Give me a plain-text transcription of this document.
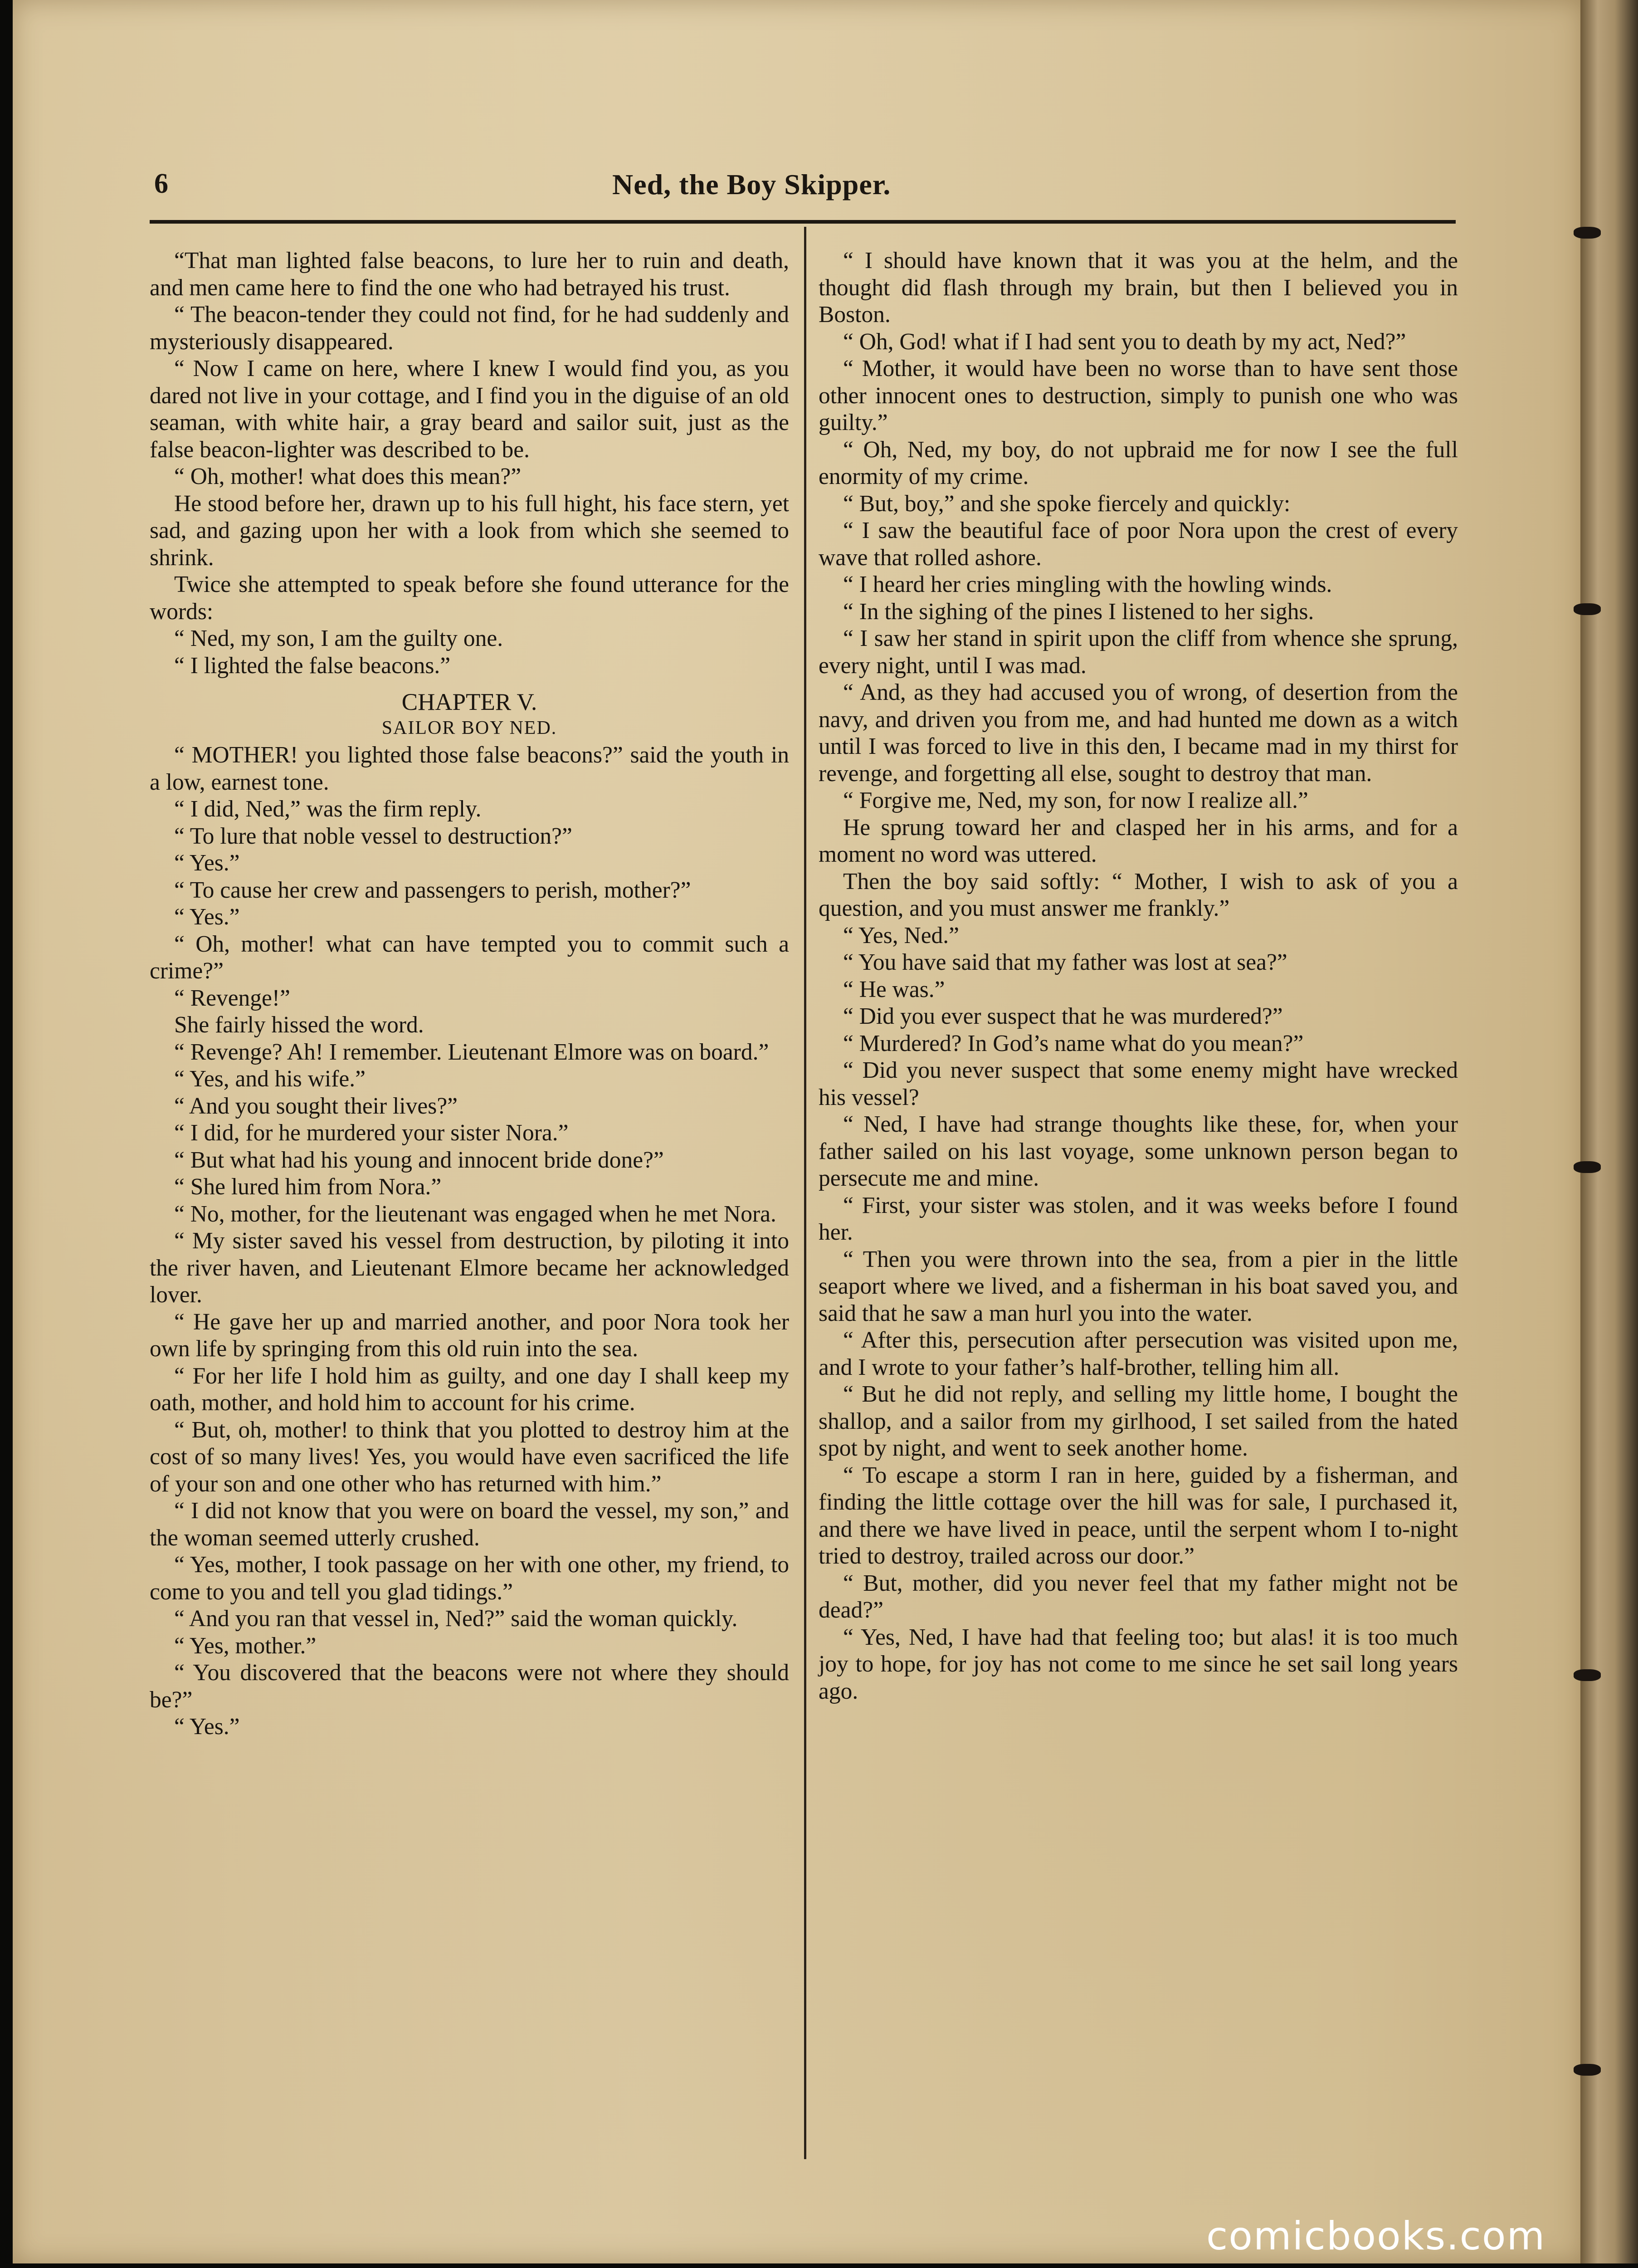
6	Ned, the Boy Skipper.

“That man lighted false beacons, to lure her to ruin and death, and men came here to find the one who had betrayed his trust.

“ The beacon-tender they could not find, for he had suddenly and mysteriously disappeared.

“ Now I came on here, where I knew I would find you, as you dared not live in your cottage, and I find you in the diguise of an old seaman, with white hair, a gray beard and sailor suit, just as the false beacon-lighter was described to be.

“ Oh, mother! what does this mean?”

He stood before her, drawn up to his full hight, his face stern, yet sad, and gazing upon her with a look from which she seemed to shrink.

Twice she attempted to speak before she found utterance for the words:

“ Ned, my son, I am the guilty one.

“ I lighted the false beacons.”

CHAPTER V.
SAILOR BOY NED.

“ MOTHER! you lighted those false beacons?” said the youth in a low, earnest tone.

“ I did, Ned,” was the firm reply.

“ To lure that noble vessel to destruction?”

“ Yes.”

“ To cause her crew and passengers to perish, mother?”

“ Yes.”

“ Oh, mother! what can have tempted you to commit such a crime?”

“ Revenge!”

She fairly hissed the word.

“ Revenge? Ah! I remember. Lieutenant Elmore was on board.”

“ Yes, and his wife.”

“ And you sought their lives?”

“ I did, for he murdered your sister Nora.”

“ But what had his young and innocent bride done?”

“ She lured him from Nora.”

“ No, mother, for the lieutenant was engaged when he met Nora.

“ My sister saved his vessel from destruction, by piloting it into the river haven, and Lieutenant Elmore became her acknowledged lover.

“ He gave her up and married another, and poor Nora took her own life by springing from this old ruin into the sea.

“ For her life I hold him as guilty, and one day I shall keep my oath, mother, and hold him to account for his crime.

“ But, oh, mother! to think that you plotted to destroy him at the cost of so many lives! Yes, you would have even sacrificed the life of your son and one other who has returned with him.”

“ I did not know that you were on board the vessel, my son,” and the woman seemed utterly crushed.

“ Yes, mother, I took passage on her with one other, my friend, to come to you and tell you glad tidings.”

“ And you ran that vessel in, Ned?” said the woman quickly.

“ Yes, mother.”

“ You discovered that the beacons were not where they should be?”

“ Yes.”

“ I should have known that it was you at the helm, and the thought did flash through my brain, but then I believed you in Boston.

“ Oh, God! what if I had sent you to death by my act, Ned?”

“ Mother, it would have been no worse than to have sent those other innocent ones to destruction, simply to punish one who was guilty.”

“ Oh, Ned, my boy, do not upbraid me for now I see the full enormity of my crime.

“ But, boy,” and she spoke fiercely and quickly:

“ I saw the beautiful face of poor Nora upon the crest of every wave that rolled ashore.

“ I heard her cries mingling with the howling winds.

“ In the sighing of the pines I listened to her sighs.

“ I saw her stand in spirit upon the cliff from whence she sprung, every night, until I was mad.

“ And, as they had accused you of wrong, of desertion from the navy, and driven you from me, and had hunted me down as a witch until I was forced to live in this den, I became mad in my thirst for revenge, and forgetting all else, sought to destroy that man.

“ Forgive me, Ned, my son, for now I realize all.”

He sprung toward her and clasped her in his arms, and for a moment no word was uttered.

Then the boy said softly: “ Mother, I wish to ask of you a question, and you must answer me frankly.”

“ Yes, Ned.”

“ You have said that my father was lost at sea?”

“ He was.”

“ Did you ever suspect that he was murdered?”

“ Murdered? In God’s name what do you mean?”

“ Did you never suspect that some enemy might have wrecked his vessel?

“ Ned, I have had strange thoughts like these, for, when your father sailed on his last voyage, some unknown person began to persecute me and mine.

“ First, your sister was stolen, and it was weeks before I found her.

“ Then you were thrown into the sea, from a pier in the little seaport where we lived, and a fisherman in his boat saved you, and said that he saw a man hurl you into the water.

“ After this, persecution after persecution was visited upon me, and I wrote to your father’s half-brother, telling him all.

“ But he did not reply, and selling my little home, I bought the shallop, and a sailor from my girlhood, I set sailed from the hated spot by night, and went to seek another home.

“ To escape a storm I ran in here, guided by a fisherman, and finding the little cottage over the hill was for sale, I purchased it, and there we have lived in peace, until the serpent whom I to-night tried to destroy, trailed across our door.”

“ But, mother, did you never feel that my father might not be dead?”

“ Yes, Ned, I have had that feeling too; but alas! it is too much joy to hope, for joy has not come to me since he set sail long years ago.

comicbooks.com
